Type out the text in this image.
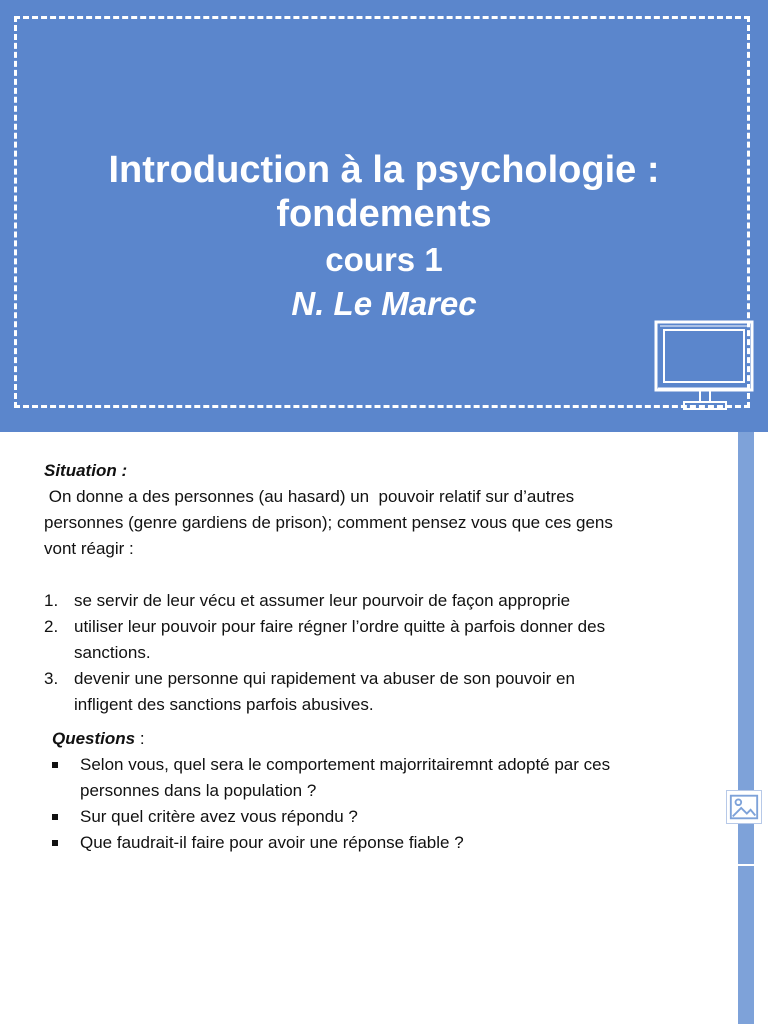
Introduction à la psychologie :
fondements
cours 1
N. Le Marec
Situation :

On donne a des personnes (au hasard) un  pouvoir relatif sur d’autres

personnes (genre gardiens de prison); comment pensez vous que ces gens

vont réagir :

1. se servir de leur vécu et assumer leur pourvoir de façon approprie
2. utiliser leur pouvoir pour faire régner l’ordre quitte à parfois donner des
sanctions.
3. devenir une personne qui rapidement va abuser de son pouvoir en
infligent des sanctions parfois abusives.
Questions :
Selon vous, quel sera le comportement majorritairemnt adopté par ces
personnes dans la population ?
Sur quel critère avez vous répondu ?
Que faudrait-il faire pour avoir une réponse fiable ?
